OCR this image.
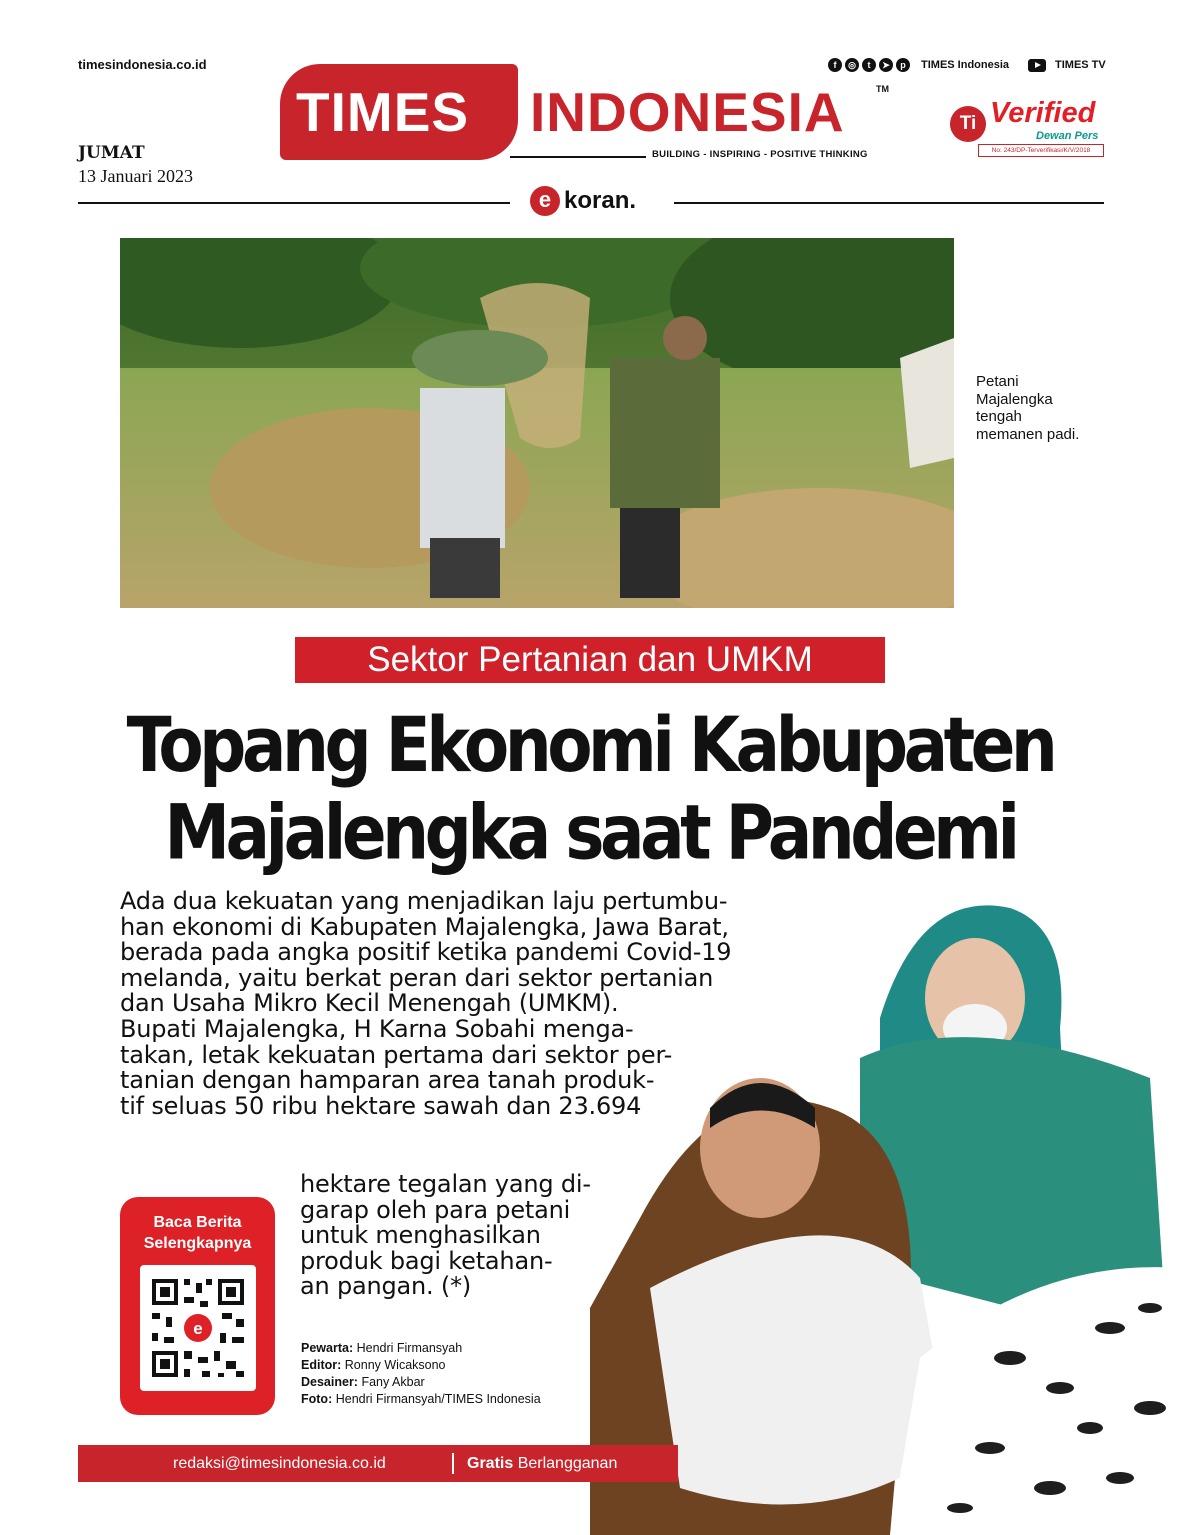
timesindonesia.co.id
JUMAT
13 Januari 2023
f	◎	t	➤	p	TIMES Indonesia	TIMES TV
TIMES INDONESIA	TM
BUILDING - INSPIRING - POSITIVE THINKING
Ti Verified
Dewan Pers
No: 243/DP-Terverifikasi/K/V/2018
e koran.
Petani Majalengka tengah memanen padi.
Sektor Pertanian dan UMKM
Topang Ekonomi Kabupaten
Majalengka saat Pandemi
Ada dua kekuatan yang menjadikan laju pertumbu-
han ekonomi di Kabupaten Majalengka, Jawa Barat,
berada pada angka positif ketika pandemi Covid-19
melanda, yaitu berkat peran dari sektor pertanian
dan Usaha Mikro Kecil Menengah (UMKM).
Bupati Majalengka, H Karna Sobahi menga-
takan, letak kekuatan pertama dari sektor per-
tanian dengan hamparan area tanah produk-
tif seluas 50 ribu hektare sawah dan 23.694
hektare tegalan yang di-
garap oleh para petani
untuk menghasilkan
produk bagi ketahan-
an pangan. (*)
Pewarta: Hendri Firmansyah
Editor: Ronny Wicaksono
Desainer: Fany Akbar
Foto: Hendri Firmansyah/TIMES Indonesia
Baca Berita
Selengkapnya
e
redaksi@timesindonesia.co.id	Gratis Berlangganan
